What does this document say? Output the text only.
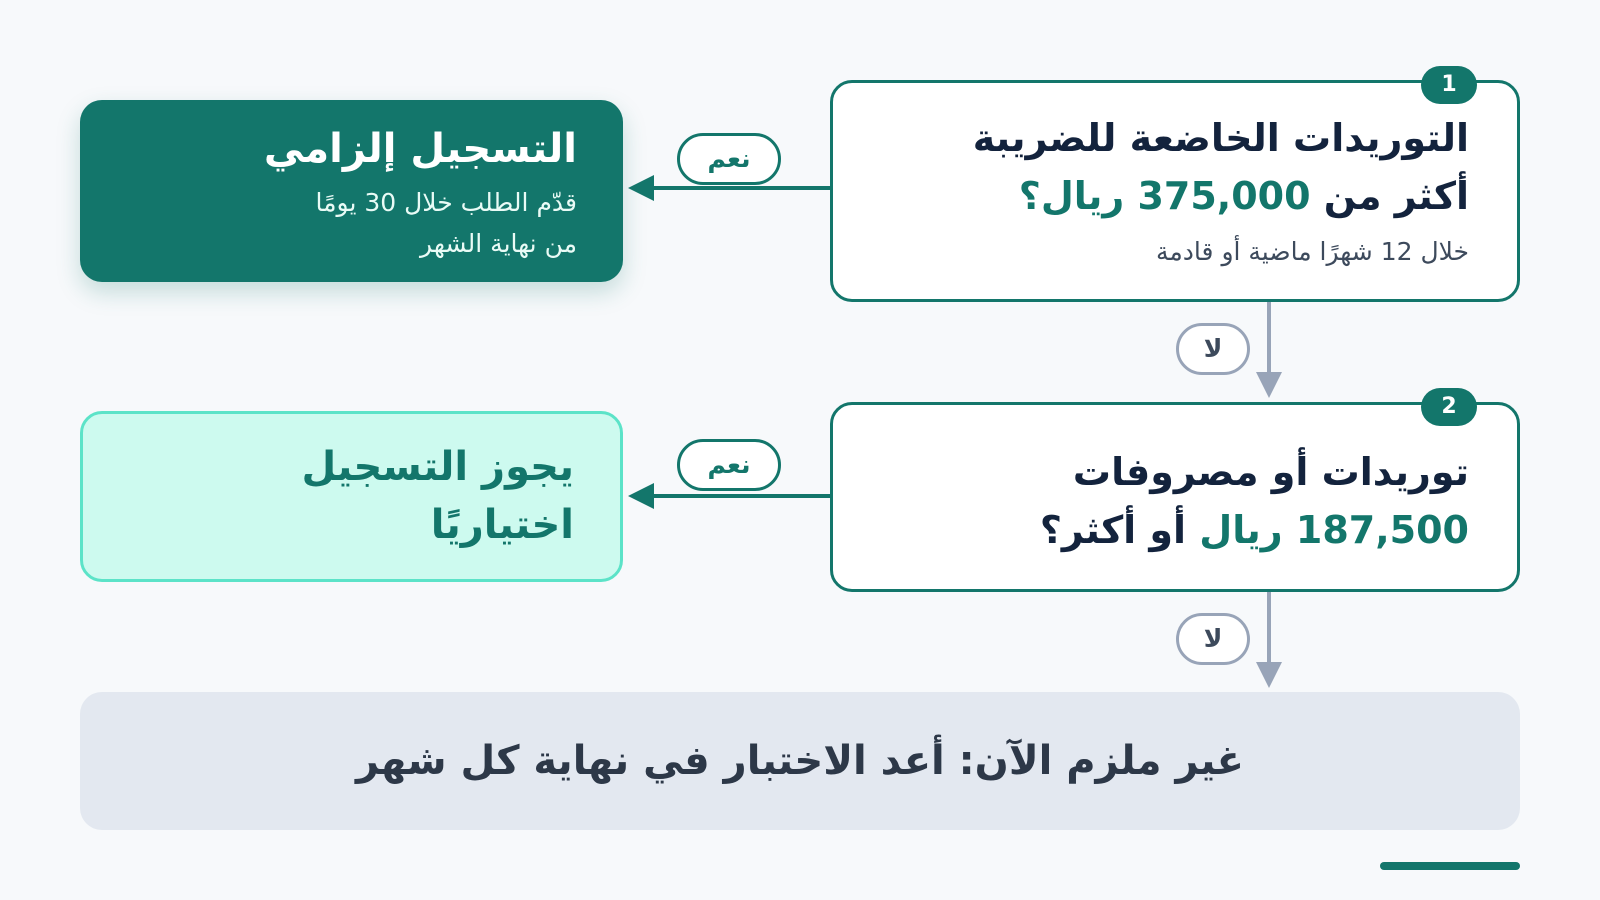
1
التوريدات الخاضعة للضريبة
أكثر من 375,000 ريال؟
خلال 12 شهرًا ماضية أو قادمة
2
توريدات أو مصروفات
187,500 ريال أو أكثر؟
التسجيل إلزامي
قدّم الطلب خلال 30 يومًا
من نهاية الشهر
يجوز التسجيل
اختياريًا
غير ملزم الآن: أعد الاختبار في نهاية كل شهر
نعم
نعم
لا
لا
